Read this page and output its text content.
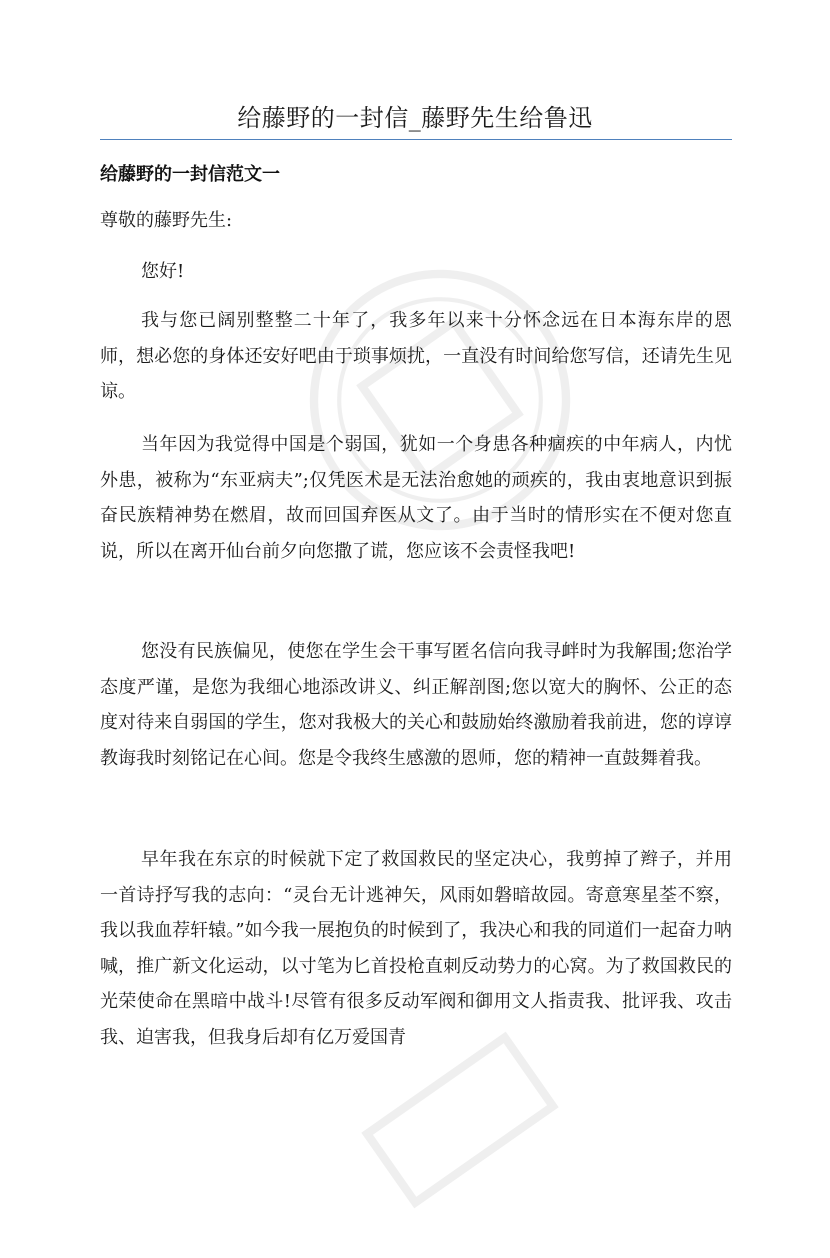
给藤野的一封信_藤野先生给鲁迅
给藤野的一封信范文一

尊敬的藤野先生:

您好!

我与您已阔别整整二十年了，我多年以来十分怀念远在日本海东岸的恩师，想必您的身体还安好吧由于琐事烦扰，一直没有时间给您写信，还请先生见谅。

当年因为我觉得中国是个弱国，犹如一个身患各种痼疾的中年病人，内忧外患，被称为“东亚病夫”;仅凭医术是无法治愈她的顽疾的，我由衷地意识到振奋民族精神势在燃眉，故而回国弃医从文了。由于当时的情形实在不便对您直说，所以在离开仙台前夕向您撒了谎，您应该不会责怪我吧!

您没有民族偏见，使您在学生会干事写匿名信向我寻衅时为我解围;您治学态度严谨，是您为我细心地添改讲义、纠正解剖图;您以宽大的胸怀、公正的态度对待来自弱国的学生，您对我极大的关心和鼓励始终激励着我前进，您的谆谆教诲我时刻铭记在心间。您是令我终生感激的恩师，您的精神一直鼓舞着我。

早年我在东京的时候就下定了救国救民的坚定决心，我剪掉了辫子，并用一首诗抒写我的志向：“灵台无计逃神矢，风雨如磐暗故园。寄意寒星荃不察，我以我血荐轩辕。”如今我一展抱负的时候到了，我决心和我的同道们一起奋力呐喊，推广新文化运动，以寸笔为匕首投枪直刺反动势力的心窝。为了救国救民的光荣使命在黑暗中战斗!尽管有很多反动军阀和御用文人指责我、批评我、攻击我、迫害我，但我身后却有亿万爱国青
